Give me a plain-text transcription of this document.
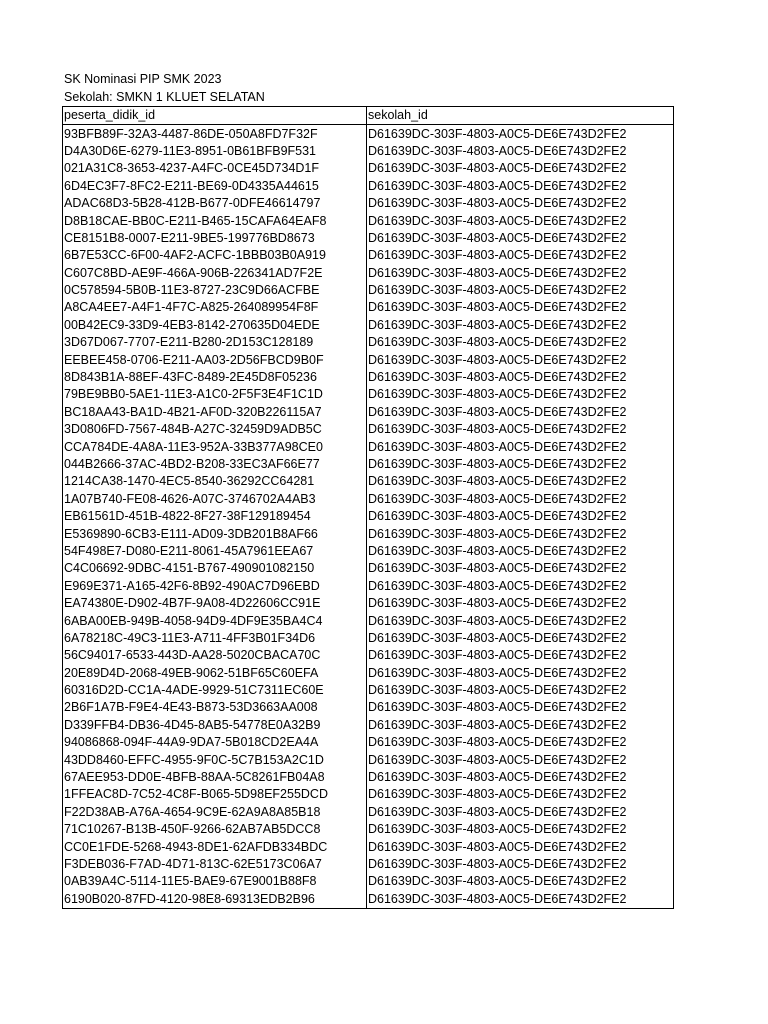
SK Nominasi PIP SMK 2023
Sekolah: SMKN 1 KLUET SELATAN
peserta_didik_id	sekolah_id
93BFB89F-32A3-4487-86DE-050A8FD7F32F	D61639DC-303F-4803-A0C5-DE6E743D2FE2
D4A30D6E-6279-11E3-8951-0B61BFB9F531	D61639DC-303F-4803-A0C5-DE6E743D2FE2
021A31C8-3653-4237-A4FC-0CE45D734D1F	D61639DC-303F-4803-A0C5-DE6E743D2FE2
6D4EC3F7-8FC2-E211-BE69-0D4335A44615	D61639DC-303F-4803-A0C5-DE6E743D2FE2
ADAC68D3-5B28-412B-B677-0DFE46614797	D61639DC-303F-4803-A0C5-DE6E743D2FE2
D8B18CAE-BB0C-E211-B465-15CAFA64EAF8	D61639DC-303F-4803-A0C5-DE6E743D2FE2
CE8151B8-0007-E211-9BE5-199776BD8673	D61639DC-303F-4803-A0C5-DE6E743D2FE2
6B7E53CC-6F00-4AF2-ACFC-1BBB03B0A919	D61639DC-303F-4803-A0C5-DE6E743D2FE2
C607C8BD-AE9F-466A-906B-226341AD7F2E	D61639DC-303F-4803-A0C5-DE6E743D2FE2
0C578594-5B0B-11E3-8727-23C9D66ACFBE	D61639DC-303F-4803-A0C5-DE6E743D2FE2
A8CA4EE7-A4F1-4F7C-A825-264089954F8F	D61639DC-303F-4803-A0C5-DE6E743D2FE2
00B42EC9-33D9-4EB3-8142-270635D04EDE	D61639DC-303F-4803-A0C5-DE6E743D2FE2
3D67D067-7707-E211-B280-2D153C128189	D61639DC-303F-4803-A0C5-DE6E743D2FE2
EEBEE458-0706-E211-AA03-2D56FBCD9B0F	D61639DC-303F-4803-A0C5-DE6E743D2FE2
8D843B1A-88EF-43FC-8489-2E45D8F05236	D61639DC-303F-4803-A0C5-DE6E743D2FE2
79BE9BB0-5AE1-11E3-A1C0-2F5F3E4F1C1D	D61639DC-303F-4803-A0C5-DE6E743D2FE2
BC18AA43-BA1D-4B21-AF0D-320B226115A7	D61639DC-303F-4803-A0C5-DE6E743D2FE2
3D0806FD-7567-484B-A27C-32459D9ADB5C	D61639DC-303F-4803-A0C5-DE6E743D2FE2
CCA784DE-4A8A-11E3-952A-33B377A98CE0	D61639DC-303F-4803-A0C5-DE6E743D2FE2
044B2666-37AC-4BD2-B208-33EC3AF66E77	D61639DC-303F-4803-A0C5-DE6E743D2FE2
1214CA38-1470-4EC5-8540-36292CC64281	D61639DC-303F-4803-A0C5-DE6E743D2FE2
1A07B740-FE08-4626-A07C-3746702A4AB3	D61639DC-303F-4803-A0C5-DE6E743D2FE2
EB61561D-451B-4822-8F27-38F129189454	D61639DC-303F-4803-A0C5-DE6E743D2FE2
E5369890-6CB3-E111-AD09-3DB201B8AF66	D61639DC-303F-4803-A0C5-DE6E743D2FE2
54F498E7-D080-E211-8061-45A7961EEA67	D61639DC-303F-4803-A0C5-DE6E743D2FE2
C4C06692-9DBC-4151-B767-490901082150	D61639DC-303F-4803-A0C5-DE6E743D2FE2
E969E371-A165-42F6-8B92-490AC7D96EBD	D61639DC-303F-4803-A0C5-DE6E743D2FE2
EA74380E-D902-4B7F-9A08-4D22606CC91E	D61639DC-303F-4803-A0C5-DE6E743D2FE2
6ABA00EB-949B-4058-94D9-4DF9E35BA4C4	D61639DC-303F-4803-A0C5-DE6E743D2FE2
6A78218C-49C3-11E3-A711-4FF3B01F34D6	D61639DC-303F-4803-A0C5-DE6E743D2FE2
56C94017-6533-443D-AA28-5020CBACA70C	D61639DC-303F-4803-A0C5-DE6E743D2FE2
20E89D4D-2068-49EB-9062-51BF65C60EFA	D61639DC-303F-4803-A0C5-DE6E743D2FE2
60316D2D-CC1A-4ADE-9929-51C7311EC60E	D61639DC-303F-4803-A0C5-DE6E743D2FE2
2B6F1A7B-F9E4-4E43-B873-53D3663AA008	D61639DC-303F-4803-A0C5-DE6E743D2FE2
D339FFB4-DB36-4D45-8AB5-54778E0A32B9	D61639DC-303F-4803-A0C5-DE6E743D2FE2
94086868-094F-44A9-9DA7-5B018CD2EA4A	D61639DC-303F-4803-A0C5-DE6E743D2FE2
43DD8460-EFFC-4955-9F0C-5C7B153A2C1D	D61639DC-303F-4803-A0C5-DE6E743D2FE2
67AEE953-DD0E-4BFB-88AA-5C8261FB04A8	D61639DC-303F-4803-A0C5-DE6E743D2FE2
1FFEAC8D-7C52-4C8F-B065-5D98EF255DCD	D61639DC-303F-4803-A0C5-DE6E743D2FE2
F22D38AB-A76A-4654-9C9E-62A9A8A85B18	D61639DC-303F-4803-A0C5-DE6E743D2FE2
71C10267-B13B-450F-9266-62AB7AB5DCC8	D61639DC-303F-4803-A0C5-DE6E743D2FE2
CC0E1FDE-5268-4943-8DE1-62AFDB334BDC	D61639DC-303F-4803-A0C5-DE6E743D2FE2
F3DEB036-F7AD-4D71-813C-62E5173C06A7	D61639DC-303F-4803-A0C5-DE6E743D2FE2
0AB39A4C-5114-11E5-BAE9-67E9001B88F8	D61639DC-303F-4803-A0C5-DE6E743D2FE2
6190B020-87FD-4120-98E8-69313EDB2B96	D61639DC-303F-4803-A0C5-DE6E743D2FE2
